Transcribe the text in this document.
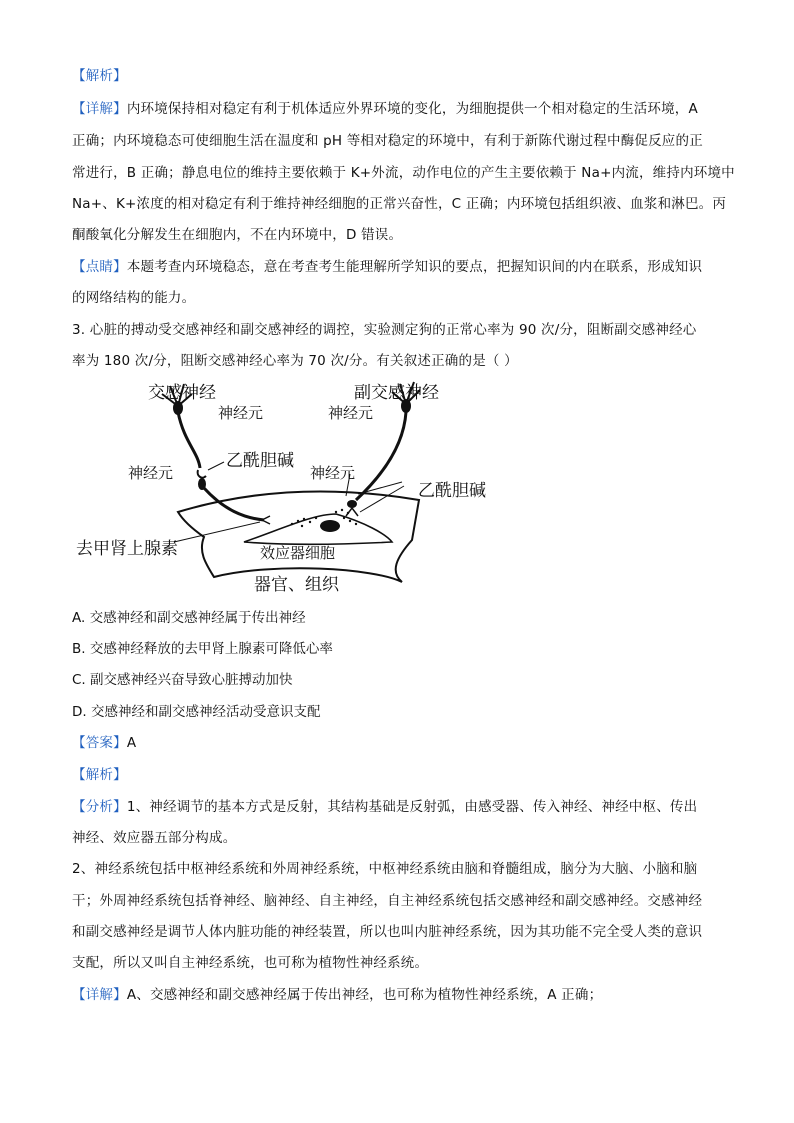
【解析】
【详解】内环境保持相对稳定有利于机体适应外界环境的变化，为细胞提供一个相对稳定的生活环境，A
正确；内环境稳态可使细胞生活在温度和 pH 等相对稳定的环境中，有利于新陈代谢过程中酶促反应的正
常进行，B 正确；静息电位的维持主要依赖于 K+外流，动作电位的产生主要依赖于 Na+内流，维持内环境中
Na+、K+浓度的相对稳定有利于维持神经细胞的正常兴奋性，C 正确；内环境包括组织液、血浆和淋巴。丙
酮酸氧化分解发生在细胞内，不在内环境中，D 错误。
【点睛】本题考查内环境稳态，意在考查考生能理解所学知识的要点，把握知识间的内在联系，形成知识
的网络结构的能力。
3. 心脏的搏动受交感神经和副交感神经的调控，实验测定狗的正常心率为 90 次/分，阻断副交感神经心
率为 180 次/分，阻断交感神经心率为 70 次/分。有关叙述正确的是（ ）
交感神经
神经元
乙酰胆碱
神经元
副交感神经
神经元
神经元
乙酰胆碱
去甲肾上腺素	效应器细胞
器官、组织
A. 交感神经和副交感神经属于传出神经
B. 交感神经释放的去甲肾上腺素可降低心率
C. 副交感神经兴奋导致心脏搏动加快
D. 交感神经和副交感神经活动受意识支配
【答案】A
【解析】
【分析】1、神经调节的基本方式是反射，其结构基础是反射弧，由感受器、传入神经、神经中枢、传出
神经、效应器五部分构成。
2、神经系统包括中枢神经系统和外周神经系统，中枢神经系统由脑和脊髓组成，脑分为大脑、小脑和脑
干；外周神经系统包括脊神经、脑神经、自主神经，自主神经系统包括交感神经和副交感神经。交感神经
和副交感神经是调节人体内脏功能的神经装置，所以也叫内脏神经系统，因为其功能不完全受人类的意识
支配，所以又叫自主神经系统，也可称为植物性神经系统。
【详解】A、交感神经和副交感神经属于传出神经，也可称为植物性神经系统，A 正确；
